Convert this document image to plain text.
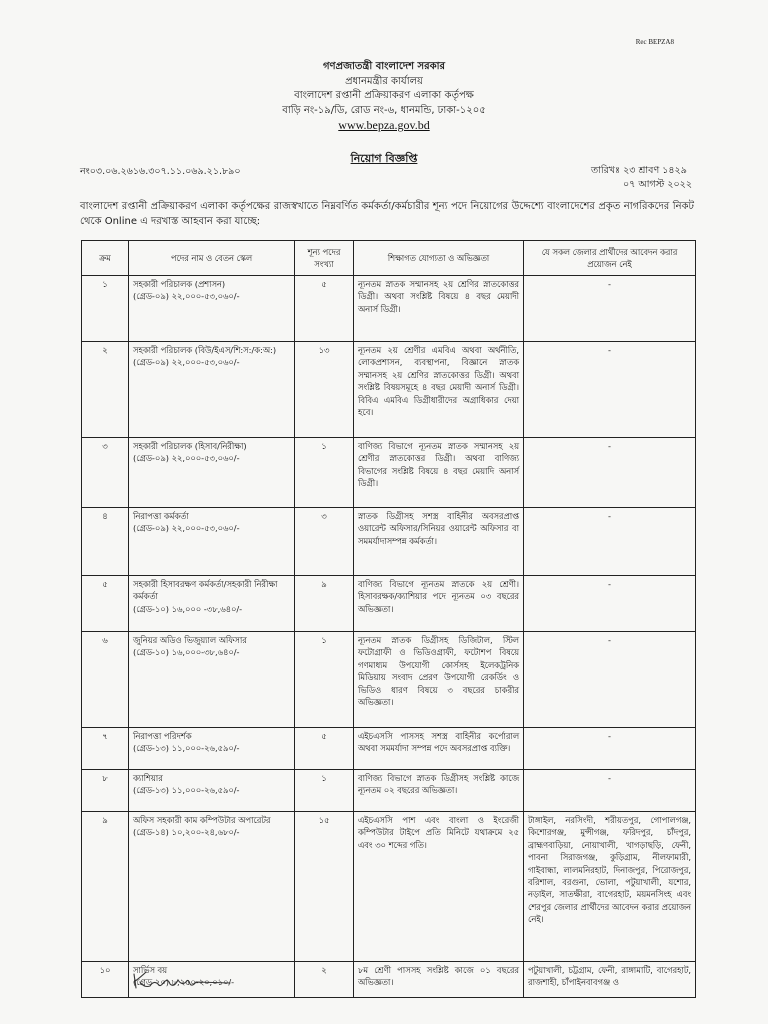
Rec BEPZA8
গণপ্রজাতন্ত্রী বাংলাদেশ সরকার
প্রধানমন্ত্রীর কার্যালয়
বাংলাদেশ রপ্তানী প্রক্রিয়াকরণ এলাকা কর্তৃপক্ষ
বাড়ি নং-১৯/ডি, রোড নং-৬, ধানমন্ডি, ঢাকা-১২০৫
www.bepza.gov.bd
নিয়োগ বিজ্ঞপ্তি
নং০৩.০৬.২৬১৬.৩০৭.১১.০৬৯.২১.৮৯০	তারিখঃ ২৩ শ্রাবণ ১৪২৯
০৭ আগস্ট ২০২২
বাংলাদেশ রপ্তানী প্রক্রিয়াকরণ এলাকা কর্তৃপক্ষের রাজস্বখাতে নিম্নবর্ণিত কর্মকর্তা/কর্মচারীর শূন্য পদে নিয়োগের উদ্দেশ্যে বাংলাদেশের প্রকৃত নাগরিকদের নিকট থেকে Online এ দরখাস্ত আহবান করা যাচ্ছে:
ক্রম	পদের নাম ও বেতন স্কেল	শূন্য পদের সংখ্যা	শিক্ষাগত যোগ্যতা ও অভিজ্ঞতা	যে সকল জেলার প্রার্থীদের আবেদন করার প্রয়োজন নেই
১	সহকারী পরিচালক (প্রশাসন)
(গ্রেড-০৯) ২২,০০০-৫৩,০৬০/-	৫	ন্যূনতম স্নাতক সম্মানসহ ২য় শ্রেণির স্নাতকোত্তর ডিগ্রী। অথবা সংশ্লিষ্ট বিষয়ে ৪ বছর মেয়াদী অনার্স ডিগ্রী।	-
২	সহকারী পরিচালক (বিউ/ইএস/শি:স:/ক:অ:)
(গ্রেড-০৯) ২২,০০০-৫৩,০৬০/-	১৩	ন্যূনতম ২য় শ্রেণীর এমবিএ অথবা অর্থনীতি, লোকপ্রশাসন, ব্যবস্থাপনা, বিজ্ঞানে স্নাতক সম্মানসহ ২য় শ্রেণির স্নাতকোত্তর ডিগ্রী। অথবা সংশ্লিষ্ট বিষয়সমূহে ৪ বছর মেয়াদী অনার্স ডিগ্রী। বিবিএ এমবিএ ডিগ্রীধারীদের অগ্রাধিকার দেয়া হবে।	-
৩	সহকারী পরিচালক (হিসাব/নিরীক্ষা)
(গ্রেড-০৯) ২২,০০০-৫৩,০৬০/-	১	বাণিজ্য বিভাগে ন্যূনতম স্নাতক সম্মানসহ ২য় শ্রেণীর স্নাতকোত্তর ডিগ্রী। অথবা বাণিজ্য বিভাগের সংশ্লিষ্ট বিষয়ে ৪ বছর মেয়াদি অনার্স ডিগ্রী।	-
৪	নিরাপত্তা কর্মকর্তা
(গ্রেড-০৯) ২২,০০০-৫৩,০৬০/-	৩	স্নাতক ডিগ্রীসহ সশস্ত্র বাহিনীর অবসরপ্রাপ্ত ওয়ারেন্ট অফিসার/সিনিয়র ওয়ারেন্ট অফিসার বা সমমর্যাদাসম্পন্ন কর্মকর্তা।	-
৫	সহকারী হিসাবরক্ষণ কর্মকর্তা/সহকারী নিরীক্ষা কর্মকর্তা
(গ্রেড-১০) ১৬,০০০ -৩৮,৬৪০/-	৯	বাণিজ্য বিভাগে ন্যূনতম স্নাতকে ২য় শ্রেণী। হিসাবরক্ষক/ক্যাশিয়ার পদে ন্যূনতম ০৩ বছরের অভিজ্ঞতা।	-
৬	জুনিয়র অডিও ভিজুয়্যাল অফিসার
(গ্রেড-১০) ১৬,০০০-৩৮,৬৪০/-	১	ন্যূনতম স্নাতক ডিগ্রীসহ ডিজিটাল, স্টিল ফটোগ্রাফী ও ভিডিওগ্রাফী, ফটোশপ বিষয়ে গণমাধ্যম উপযোগী কোর্সসহ ইলেকট্রনিক মিডিয়ায় সংবাদ প্রেরণ উপযোগী রেকর্ডিং ও ভিডিও ধারণ বিষয়ে ৩ বছরের চাকরীর অভিজ্ঞতা।	-
৭	নিরাপত্তা পরিদর্শক
(গ্রেড-১৩) ১১,০০০-২৬,৫৯০/-	৫	এইচএসসি পাসসহ সশস্ত্র বাহিনীর কর্পোরাল অথবা সমমর্যাদা সম্পন্ন পদে অবসরপ্রাপ্ত ব্যক্তি।	-
৮	ক্যাশিয়ার
(গ্রেড-১৩) ১১,০০০-২৬,৫৯০/-	১	বাণিজ্য বিভাগে স্নাতক ডিগ্রীসহ সংশ্লিষ্ট কাজে ন্যূনতম ০২ বছরের অভিজ্ঞতা।	-
৯	অফিস সহকারী কাম কম্পিউটার অপারেটর
(গ্রেড-১৪) ১০,২০০-২৪,৬৮০/-	১৫	এইচএসসি পাশ এবং বাংলা ও ইংরেজী কম্পিউটার টাইপে প্রতি মিনিটে যথাক্রমে ২৫ এবং ৩০ শব্দের গতি।	টাঙ্গাইল, নরসিংদী, শরীয়তপুর, গোপালগঞ্জ, কিশোরগঞ্জ, মুন্সীগঞ্জ, ফরিদপুর, চাঁদপুর, ব্রাহ্মণবাড়িয়া, নোয়াখালী, খাগড়াছড়ি, ফেনী, পাবনা সিরাজগঞ্জ, কুড়িগ্রাম, নীলফামারী, গাইবান্ধা, লালমনিরহাট, দিনাজপুর, পিরোজপুর, বরিশাল, বরগুনা, ভোলা, পটুয়াখালী, যশোর, নড়াইল, সাতক্ষীরা, বাগেরহাট, ময়মনসিংহ এবং শেরপুর জেলার প্রার্থীদের আবেদন করার প্রয়োজন নেই।
১০	সার্ভিস বয়
(গ্রেড-২০) ৮,২৫০-২০,০১০/-	২	৮ম শ্রেণী পাসসহ সংশ্লিষ্ট কাজে ০১ বছরের অভিজ্ঞতা।	পটুয়াখালী, চট্টগ্রাম, ফেনী, রাঙ্গামাটি, বাগেরহাট, রাজশাহী, চাঁপাইনবাবগঞ্জ ও
